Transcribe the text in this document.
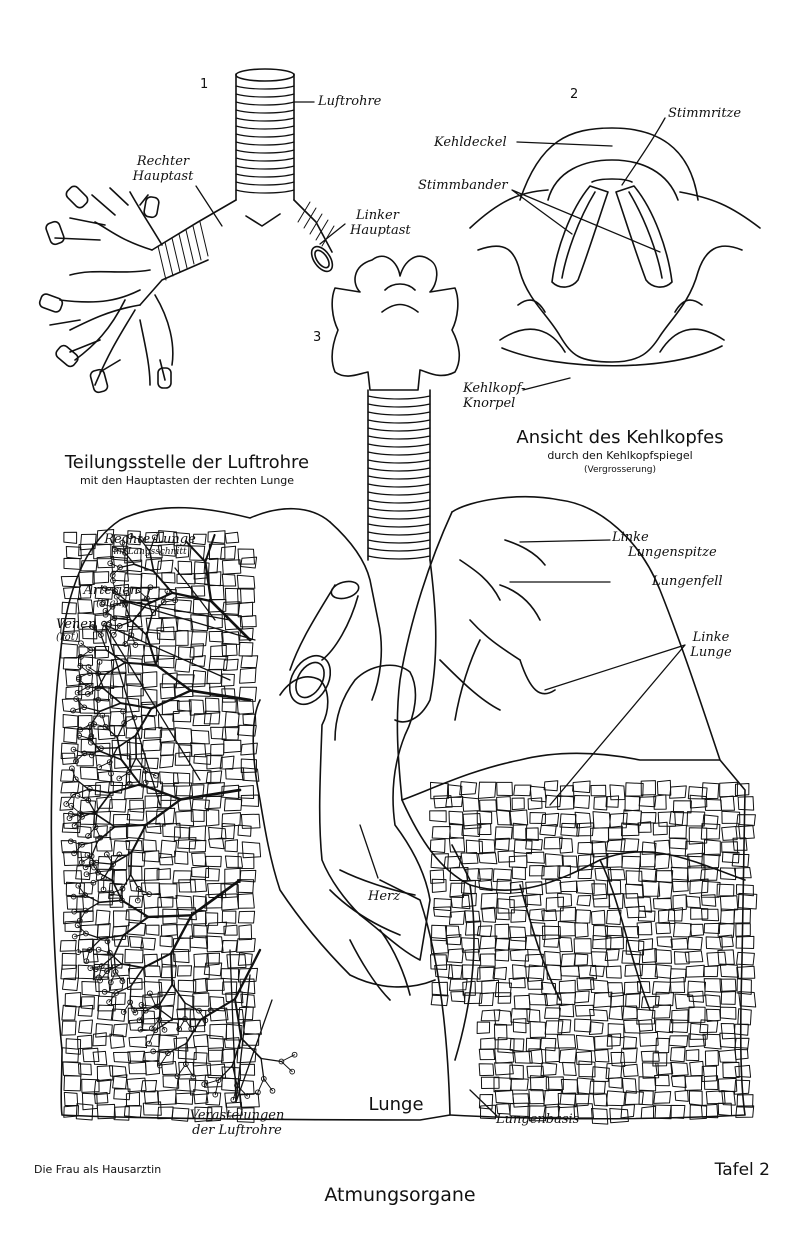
1
2
3
Luftrohre
Rechter
Hauptast
Linker
Hauptast
Stimmritze
Kehldeckel
Stimmbander
Kehlkopf-
Knorpel
Teilungsstelle der Luftrohre
mit den Hauptasten der rechten Lunge
Ansicht des Kehlkopfes
durch den Kehlkopfspiegel
(Vergrosserung)
Rechte Lunge
im Langsschnitt
Arterien
(blau)
Venen
(rot)
Linke
Lungenspitze
Lungenfell
Linke
Lunge
Herz
Verastelungen
der Luftrohre
Lungenbasis
Lunge
Die Frau als Hausarztin	Tafel 2
Atmungsorgane
